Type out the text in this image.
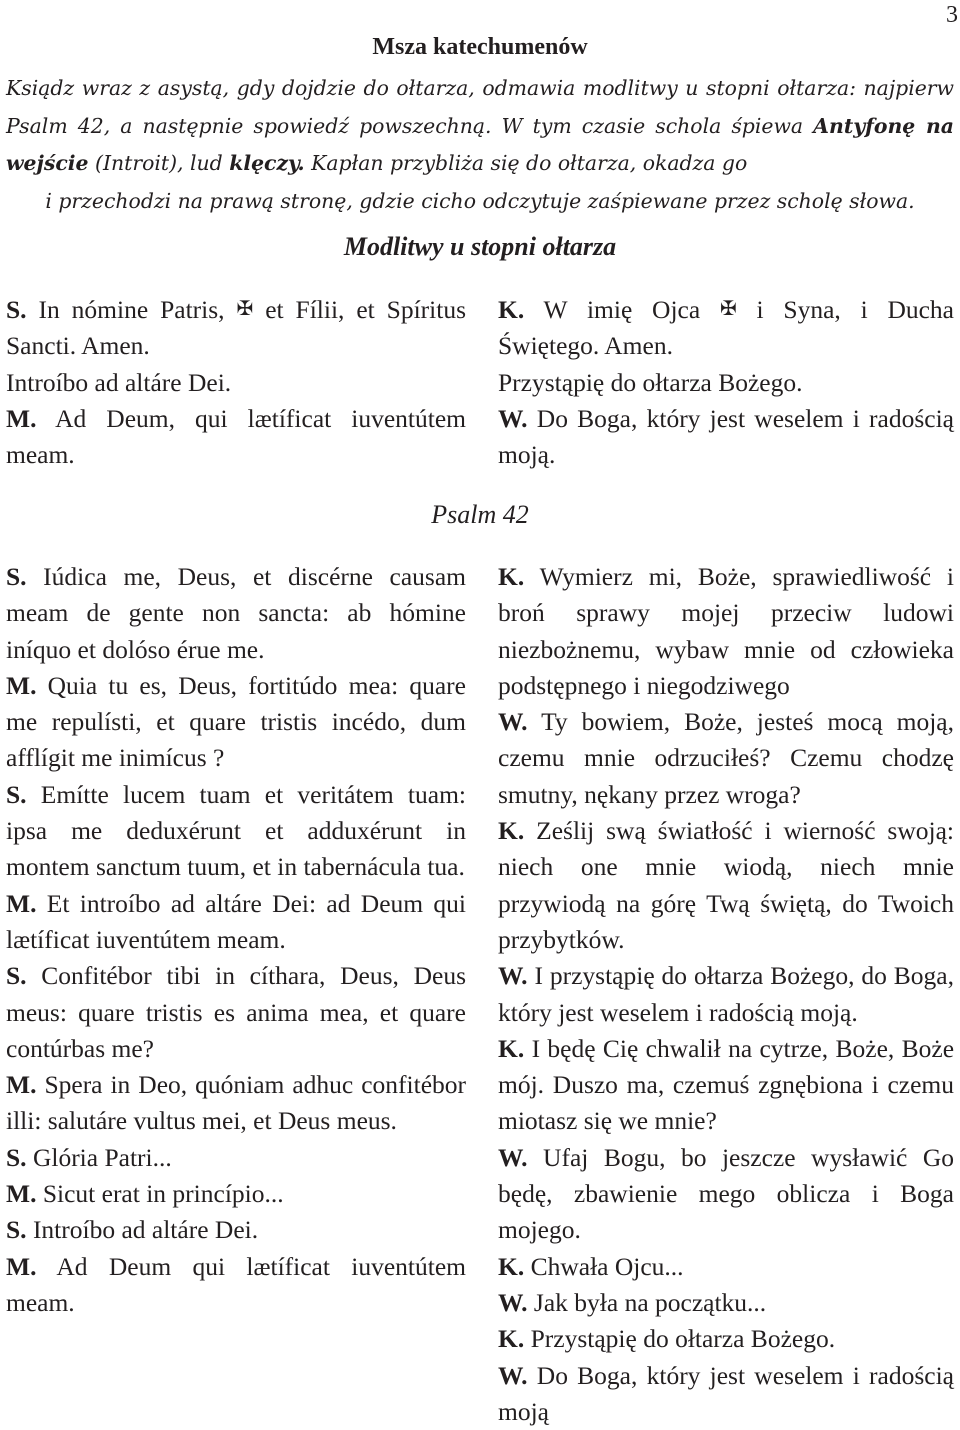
3
Msza katechumenów

Ksiądz wraz z asystą, gdy dojdzie do ołtarza, odmawia modlitwy u stopni ołtarza: najpierw Psalm 42, a następnie spowiedź powszechną. W tym czasie schola śpiewa Antyfonę na wejście (Introit), lud klęczy. Kapłan przybliża się do ołtarza, okadza go
i przechodzi na prawą stronę, gdzie cicho odczytuje zaśpiewane przez scholę słowa.

Modlitwy u stopni ołtarza

S. In nómine Patris, ✠ et Fílii, et Spíritus Sancti. Amen.

Introíbo ad altáre Dei.

M. Ad Deum, qui lætíficat iuventútem meam.

K. W imię Ojca ✠ i Syna, i Ducha Świętego. Amen.

Przystąpię do ołtarza Bożego.

W. Do Boga, który jest weselem i radością moją.

Psalm 42

S. Iúdica me, Deus, et discérne causam meam de gente non sancta: ab hómine iníquo et dolóso érue me.

M. Quia tu es, Deus, fortitúdo mea: quare me repulísti, et quare tristis incédo, dum afflígit me inimícus ?

S. Emítte lucem tuam et veritátem tuam: ipsa me deduxérunt et adduxérunt in montem sanctum tuum, et in tabernácula tua.

M. Et introíbo ad altáre Dei: ad Deum qui lætíficat iuventútem meam.

S. Confitébor tibi in cíthara, Deus, Deus meus: quare tristis es anima mea, et quare contúrbas me?

M. Spera in Deo, quóniam adhuc confitébor illi: salutáre vultus mei, et Deus meus.

S. Glória Patri...

M. Sicut erat in princípio...

S. Introíbo ad altáre Dei.

M. Ad Deum qui lætíficat iuventútem meam.

K. Wymierz mi, Boże, sprawiedliwość i broń sprawy mojej przeciw ludowi niezbożnemu, wybaw mnie od człowieka podstępnego i niegodziwego

W. Ty bowiem, Boże, jesteś mocą moją, czemu mnie odrzuciłeś? Czemu chodzę smutny, nękany przez wroga?

K. Ześlij swą światłość i wierność swoją: niech one mnie wiodą, niech mnie przywiodą na górę Twą świętą, do Twoich przybytków.

W. I przystąpię do ołtarza Bożego, do Boga, który jest weselem i radością moją.

K. I będę Cię chwalił na cytrze, Boże, Boże mój. Duszo ma, czemuś zgnębiona i czemu miotasz się we mnie?

W. Ufaj Bogu, bo jeszcze wysławić Go będę, zbawienie mego oblicza i Boga mojego.

K. Chwała Ojcu...

W. Jak była na początku...

K. Przystąpię do ołtarza Bożego.

W. Do Boga, który jest weselem i radością moją
